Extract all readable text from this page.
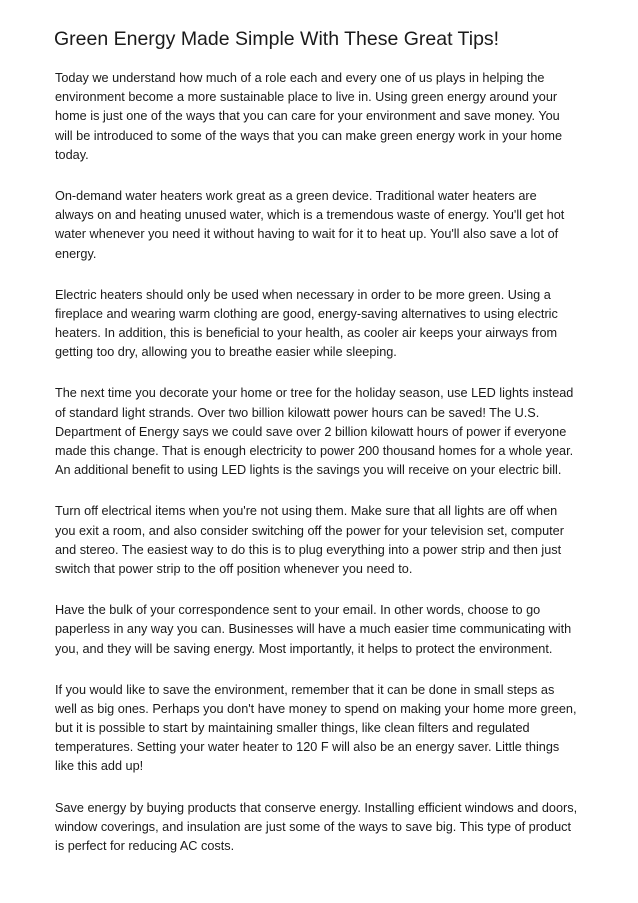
Green Energy Made Simple With These Great Tips!

Today we understand how much of a role each and every one of us plays in helping the
environment become a more sustainable place to live in. Using green energy around your
home is just one of the ways that you can care for your environment and save money. You
will be introduced to some of the ways that you can make green energy work in your home
today.

On-demand water heaters work great as a green device. Traditional water heaters are
always on and heating unused water, which is a tremendous waste of energy. You'll get hot
water whenever you need it without having to wait for it to heat up. You'll also save a lot of
energy.

Electric heaters should only be used when necessary in order to be more green. Using a
fireplace and wearing warm clothing are good, energy-saving alternatives to using electric
heaters. In addition, this is beneficial to your health, as cooler air keeps your airways from
getting too dry, allowing you to breathe easier while sleeping.

The next time you decorate your home or tree for the holiday season, use LED lights instead
of standard light strands. Over two billion kilowatt power hours can be saved! The U.S.
Department of Energy says we could save over 2 billion kilowatt hours of power if everyone
made this change. That is enough electricity to power 200 thousand homes for a whole year.
An additional benefit to using LED lights is the savings you will receive on your electric bill.

Turn off electrical items when you're not using them. Make sure that all lights are off when
you exit a room, and also consider switching off the power for your television set, computer
and stereo. The easiest way to do this is to plug everything into a power strip and then just
switch that power strip to the off position whenever you need to.

Have the bulk of your correspondence sent to your email. In other words, choose to go
paperless in any way you can. Businesses will have a much easier time communicating with
you, and they will be saving energy. Most importantly, it helps to protect the environment.

If you would like to save the environment, remember that it can be done in small steps as
well as big ones. Perhaps you don't have money to spend on making your home more green,
but it is possible to start by maintaining smaller things, like clean filters and regulated
temperatures. Setting your water heater to 120 F will also be an energy saver. Little things
like this add up!

Save energy by buying products that conserve energy. Installing efficient windows and doors,
window coverings, and insulation are just some of the ways to save big. This type of product
is perfect for reducing AC costs.
